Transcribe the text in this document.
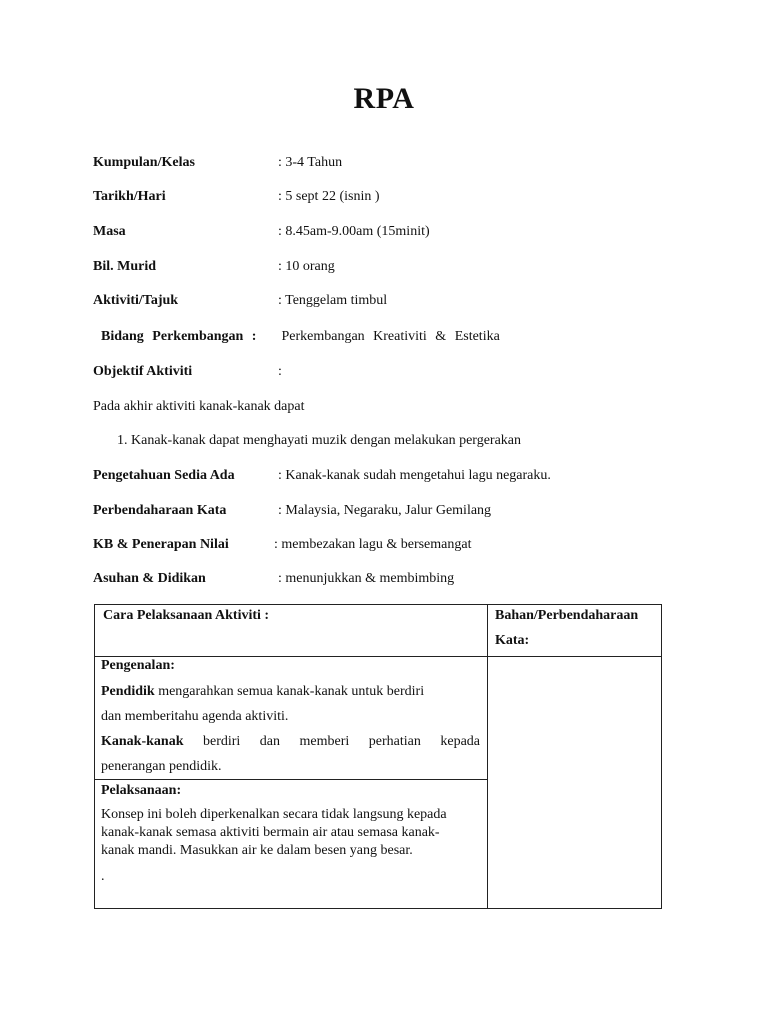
RPA
Kumpulan/Kelas	: 3-4 Tahun
Tarikh/Hari	: 5 sept 22 (isnin )
Masa	: 8.45am-9.00am (15minit)
Bil. Murid	: 10 orang
Aktiviti/Tajuk	: Tenggelam timbul
Bidang Perkembangan : Perkembangan Kreativiti & Estetika
Objektif Aktiviti	:
Pada akhir aktiviti kanak-kanak dapat
1. Kanak-kanak dapat menghayati muzik dengan melakukan pergerakan
Pengetahuan Sedia Ada	: Kanak-kanak sudah mengetahui lagu negaraku.
Perbendaharaan Kata	: Malaysia, Negaraku, Jalur Gemilang
KB & Penerapan Nilai	: membezakan lagu & bersemangat
Asuhan & Didikan	: menunjukkan & membimbing
Cara Pelaksanaan Aktiviti :	Bahan/Perbendaharaan
Kata:
Pengenalan:
Pendidik mengarahkan semua kanak-kanak untuk berdiri
dan memberitahu agenda aktiviti.
Kanak-kanak berdiri dan memberi perhatian kepada
penerangan pendidik.
Pelaksanaan:
Konsep ini boleh diperkenalkan secara tidak langsung kepada
kanak-kanak semasa aktiviti bermain air atau semasa kanak-
kanak mandi. Masukkan air ke dalam besen yang besar.
.
